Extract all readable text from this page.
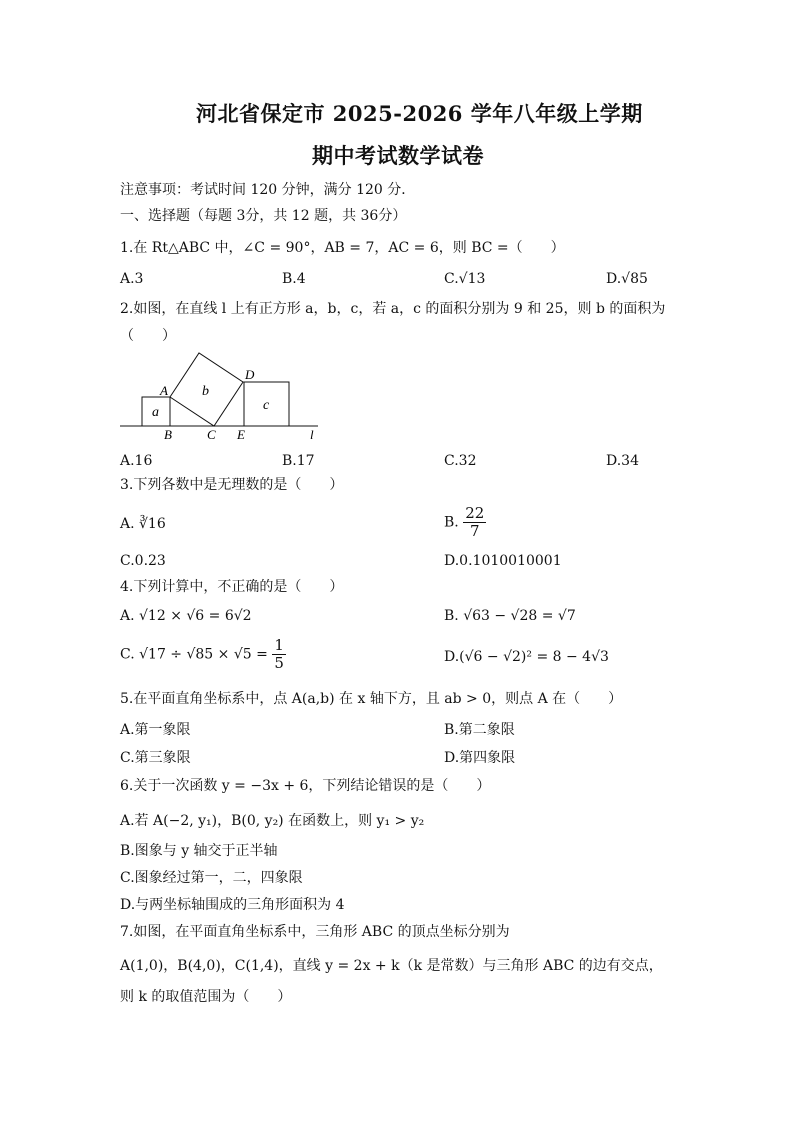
河北省保定市 2025-2026 学年八年级上学期
期中考试数学试卷
注意事项：考试时间 120 分钟，满分 120 分．
一、选择题（每题 3分，共 12 题，共 36分）
1.在 Rt△ABC 中，∠C = 90°，AB = 7，AC = 6，则 BC =（　　）
A.3	B.4	C.√13	D.√85
2.如图，在直线 l 上有正方形 a，b，c，若 a，c 的面积分别为 9 和 25，则 b 的面积为
（　　）
a
b
c
A
B	C
D
E	l
A.16	B.17	C.32	D.34
3.下列各数中是无理数的是（　　）
A. ∛16	B. $\frac{22}{7}$
C.0.23	D.0.1010010001
4.下列计算中，不正确的是（　　）
A. √12 × √6 = 6√2	B. √63 − √28 = √7
C. $√17 \div √85 \times √5 = \frac{1}{5}$	D.(√6 − √2)² = 8 − 4√3
5.在平面直角坐标系中，点 A(a,b) 在 x 轴下方，且 ab > 0，则点 A 在（　　）
A.第一象限	B.第二象限
C.第三象限	D.第四象限
6.关于一次函数 y = −3x + 6，下列结论错误的是（　　）
A.若 A(−2, y₁)，B(0, y₂) 在函数上，则 y₁ > y₂
B.图象与 y 轴交于正半轴
C.图象经过第一，二，四象限
D.与两坐标轴围成的三角形面积为 4
7.如图，在平面直角坐标系中，三角形 ABC 的顶点坐标分别为
A(1,0)，B(4,0)，C(1,4)，直线 y = 2x + k（k 是常数）与三角形 ABC 的边有交点，
则 k 的取值范围为（　　）
